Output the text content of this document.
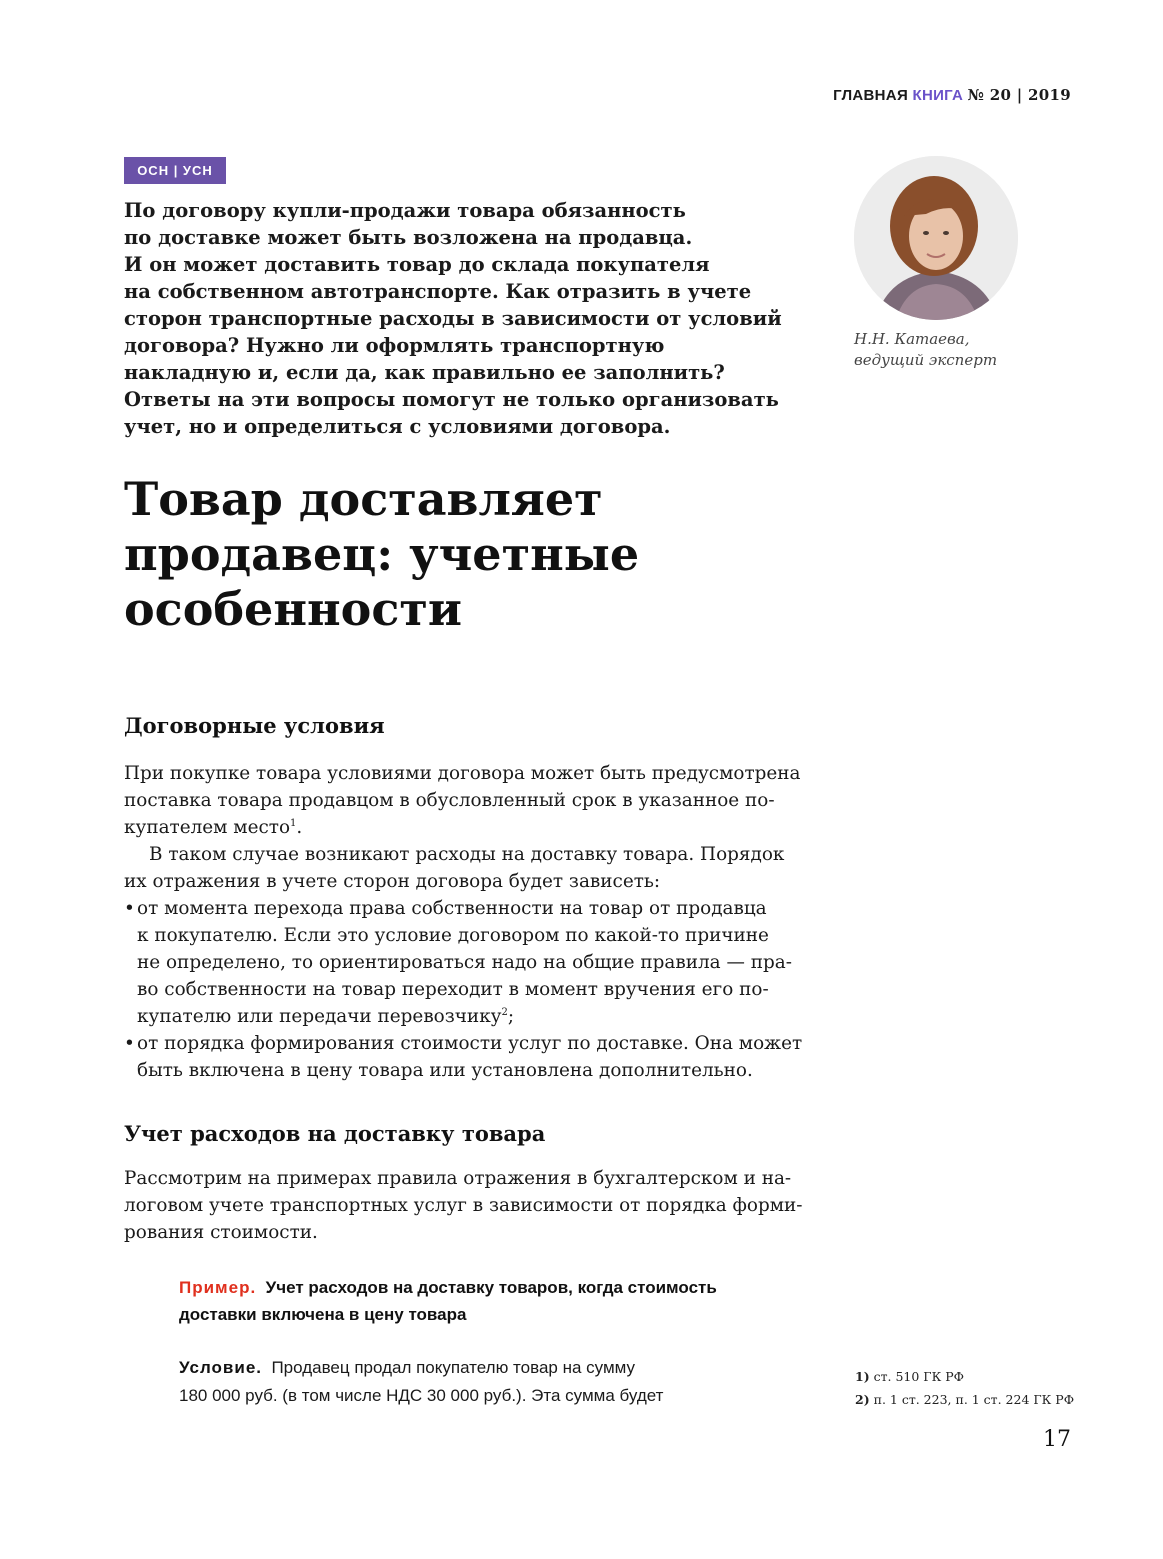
ГЛАВНАЯ КНИГА № 20 | 2019
ОСН | УСН

По договору купли-продажи товара обязанность
по доставке может быть возложена на продавца.
И он может доставить товар до склада покупателя
на собственном автотранспорте. Как отразить в учете
сторон транспортные расходы в зависимости от условий
договора? Нужно ли оформлять транспортную
накладную и, если да, как правильно ее заполнить?
Ответы на эти вопросы помогут не только организовать
учет, но и определиться с условиями договора.

Н.Н. Катаева,
ведущий эксперт
Товар доставляет
продавец: учетные
особенности
Договорные условия
При покупке товара условиями договора может быть предусмотрена
поставка товара продавцом в обусловленный срок в указанное по-
купателем место$^1$.
В таком случае возникают расходы на доставку товара. Порядок
их отражения в учете сторон договора будет зависеть:
• от момента перехода права собственности на товар от продавца
к покупателю. Если это условие договором по какой-то причине
не определено, то ориентироваться надо на общие правила — пра-
во собственности на товар переходит в момент вручения его по-
купателю или передачи перевозчику$^2$;
• от порядка формирования стоимости услуг по доставке. Она может
быть включена в цену товара или установлена дополнительно.
Учет расходов на доставку товара
Рассмотрим на примерах правила отражения в бухгалтерском и на-
логовом учете транспортных услуг в зависимости от порядка форми-
рования стоимости.
Пример. Учет расходов на доставку товаров, когда стоимость
доставки включена в цену товара
Условие. Продавец продал покупателю товар на сумму
180 000 руб. (в том числе НДС 30 000 руб.). Эта сумма будет
1) ст. 510 ГК РФ
2) п. 1 ст. 223, п. 1 ст. 224 ГК РФ
17
